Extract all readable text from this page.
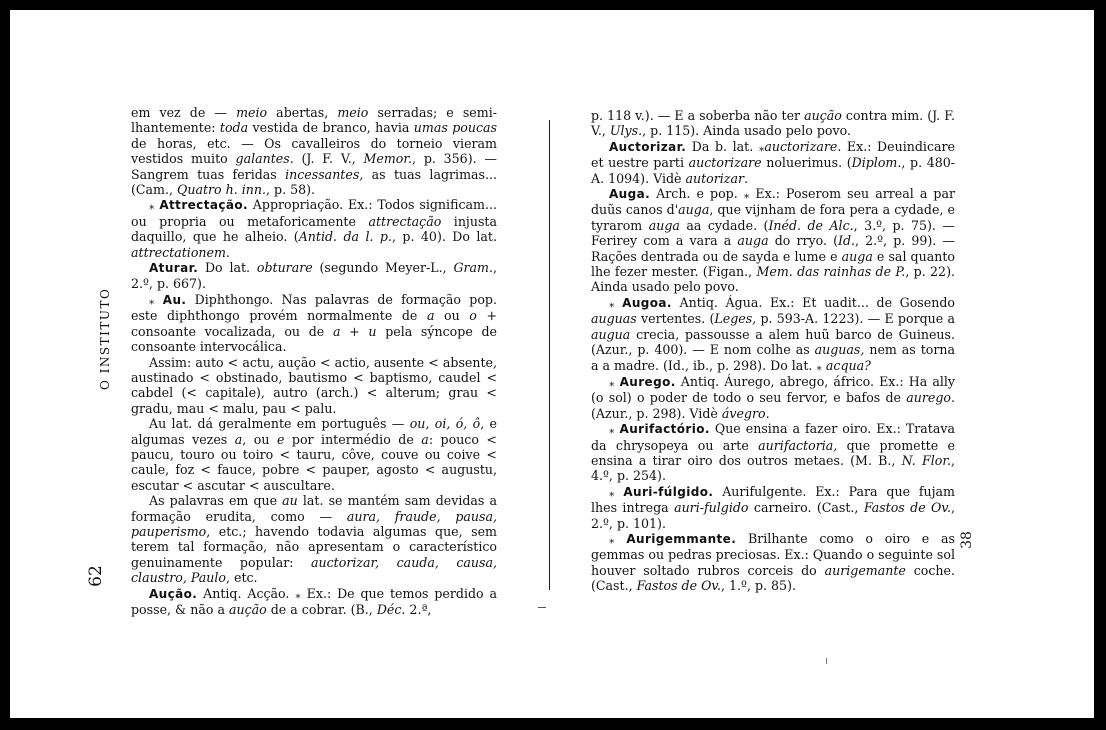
O INSTITUTO
62
38

em vez de — meio abertas, meio serradas; e semi-lhantemente: toda vestida de branco, havia umas poucas de horas, etc. — Os cavalleiros do torneio vieram vestidos muito galantes. (J. F. V., Memor., p. 356). — Sangrem tuas feridas incessantes, as tuas lagrimas... (Cam., Quatro h. inn., p. 58).

⁎ Attrectação. Appropriação. Ex.: Todos significam... ou propria ou metaforicamente attrectação injusta daquillo, que he alheio. (Antid. da l. p., p. 40). Do lat. attrectationem.

Aturar. Do lat. obturare (segundo Meyer-L., Gram., 2.º, p. 667).

⁎ Au. Diphthongo. Nas palavras de formação pop. este diphthongo provém normalmente de a ou o + consoante vocalizada, ou de a + u pela sýncope de consoante intervocálica.

Assim: auto < actu, aução < actio, ausente < absente, austinado < obstinado, bautismo < baptismo, caudel < cabdel (< capitale), autro (arch.) < alterum; grau < gradu, mau < malu, pau < palu.

Au lat. dá geralmente em português — ou, oi, ó, ô, e algumas vezes a, ou e por intermédio de a: pouco < paucu, touro ou toiro < tauru, côve, couve ou coive < caule, foz < fauce, pobre < pauper, agosto < augustu, escutar < ascutar < auscultare.

As palavras em que au lat. se mantém sam devidas a formação erudita, como — aura, fraude, pausa, pauperismo, etc.; havendo todavia algumas que, sem terem tal formação, não apresentam o característico genuinamente popular: auctorizar, cauda, causa, claustro, Paulo, etc.

Aução. Antiq. Acção. ⁎ Ex.: De que temos perdido a posse, & não a aução de a cobrar. (B., Déc. 2.ª,

p. 118 v.). — E a soberba não ter aução contra mim. (J. F. V., Ulys., p. 115). Ainda usado pelo povo.

Auctorizar. Da b. lat. ⁎auctorizare. Ex.: Deuindicare et uestre parti auctorizare noluerimus. (Diplom., p. 480-A. 1094). Vidè autorizar.

Auga. Arch. e pop. ⁎ Ex.: Poserom seu arreal a par duũs canos d'auga, que vijnham de fora pera a cydade, e tyrarom auga aa cydade. (Inéd. de Alc., 3.º, p. 75). — Ferirey com a vara a auga do rryo. (Id., 2.º, p. 99). — Rações dentrada ou de sayda e lume e auga e sal quanto lhe fezer mester. (Figan., Mem. das rainhas de P., p. 22). Ainda usado pelo povo.

⁎ Augoa. Antiq. Água. Ex.: Et uadit... de Gosendo auguas vertentes. (Leges, p. 593-A. 1223). — E porque a augua crecia, passousse a alem huũ barco de Guineus. (Azur., p. 400). — E nom colhe as auguas, nem as torna a a madre. (Id., ib., p. 298). Do lat. ⁎ acqua?

⁎ Aurego. Antiq. Áurego, abrego, áfrico. Ex.: Ha ally (o sol) o poder de todo o seu fervor, e bafos de aurego. (Azur., p. 298). Vidè ávegro.

⁎ Aurifactório. Que ensina a fazer oiro. Ex.: Tratava da chrysopeya ou arte aurifactoria, que promette e ensina a tirar oiro dos outros metaes. (M. B., N. Flor., 4.º, p. 254).

⁎ Auri-fúlgido. Aurifulgente. Ex.: Para que fujam lhes intrega auri-fulgido carneiro. (Cast., Fastos de Ov., 2.º, p. 101).

⁎ Aurigemmante. Brilhante como o oiro e as gemmas ou pedras preciosas. Ex.: Quando o seguinte sol houver soltado rubros corceis do aurigemante coche. (Cast., Fastos de Ov., 1.º, p. 85).
